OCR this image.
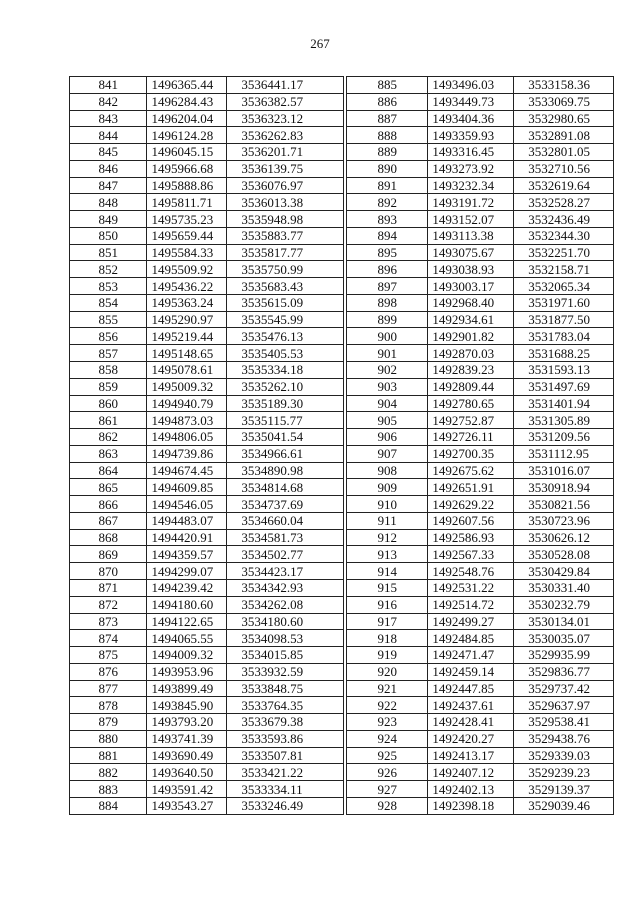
267
841	1496365.44	3536441.17
842	1496284.43	3536382.57
843	1496204.04	3536323.12
844	1496124.28	3536262.83
845	1496045.15	3536201.71
846	1495966.68	3536139.75
847	1495888.86	3536076.97
848	1495811.71	3536013.38
849	1495735.23	3535948.98
850	1495659.44	3535883.77
851	1495584.33	3535817.77
852	1495509.92	3535750.99
853	1495436.22	3535683.43
854	1495363.24	3535615.09
855	1495290.97	3535545.99
856	1495219.44	3535476.13
857	1495148.65	3535405.53
858	1495078.61	3535334.18
859	1495009.32	3535262.10
860	1494940.79	3535189.30
861	1494873.03	3535115.77
862	1494806.05	3535041.54
863	1494739.86	3534966.61
864	1494674.45	3534890.98
865	1494609.85	3534814.68
866	1494546.05	3534737.69
867	1494483.07	3534660.04
868	1494420.91	3534581.73
869	1494359.57	3534502.77
870	1494299.07	3534423.17
871	1494239.42	3534342.93
872	1494180.60	3534262.08
873	1494122.65	3534180.60
874	1494065.55	3534098.53
875	1494009.32	3534015.85
876	1493953.96	3533932.59
877	1493899.49	3533848.75
878	1493845.90	3533764.35
879	1493793.20	3533679.38
880	1493741.39	3533593.86
881	1493690.49	3533507.81
882	1493640.50	3533421.22
883	1493591.42	3533334.11
884	1493543.27	3533246.49
885	1493496.03	3533158.36
886	1493449.73	3533069.75
887	1493404.36	3532980.65
888	1493359.93	3532891.08
889	1493316.45	3532801.05
890	1493273.92	3532710.56
891	1493232.34	3532619.64
892	1493191.72	3532528.27
893	1493152.07	3532436.49
894	1493113.38	3532344.30
895	1493075.67	3532251.70
896	1493038.93	3532158.71
897	1493003.17	3532065.34
898	1492968.40	3531971.60
899	1492934.61	3531877.50
900	1492901.82	3531783.04
901	1492870.03	3531688.25
902	1492839.23	3531593.13
903	1492809.44	3531497.69
904	1492780.65	3531401.94
905	1492752.87	3531305.89
906	1492726.11	3531209.56
907	1492700.35	3531112.95
908	1492675.62	3531016.07
909	1492651.91	3530918.94
910	1492629.22	3530821.56
911	1492607.56	3530723.96
912	1492586.93	3530626.12
913	1492567.33	3530528.08
914	1492548.76	3530429.84
915	1492531.22	3530331.40
916	1492514.72	3530232.79
917	1492499.27	3530134.01
918	1492484.85	3530035.07
919	1492471.47	3529935.99
920	1492459.14	3529836.77
921	1492447.85	3529737.42
922	1492437.61	3529637.97
923	1492428.41	3529538.41
924	1492420.27	3529438.76
925	1492413.17	3529339.03
926	1492407.12	3529239.23
927	1492402.13	3529139.37
928	1492398.18	3529039.46
